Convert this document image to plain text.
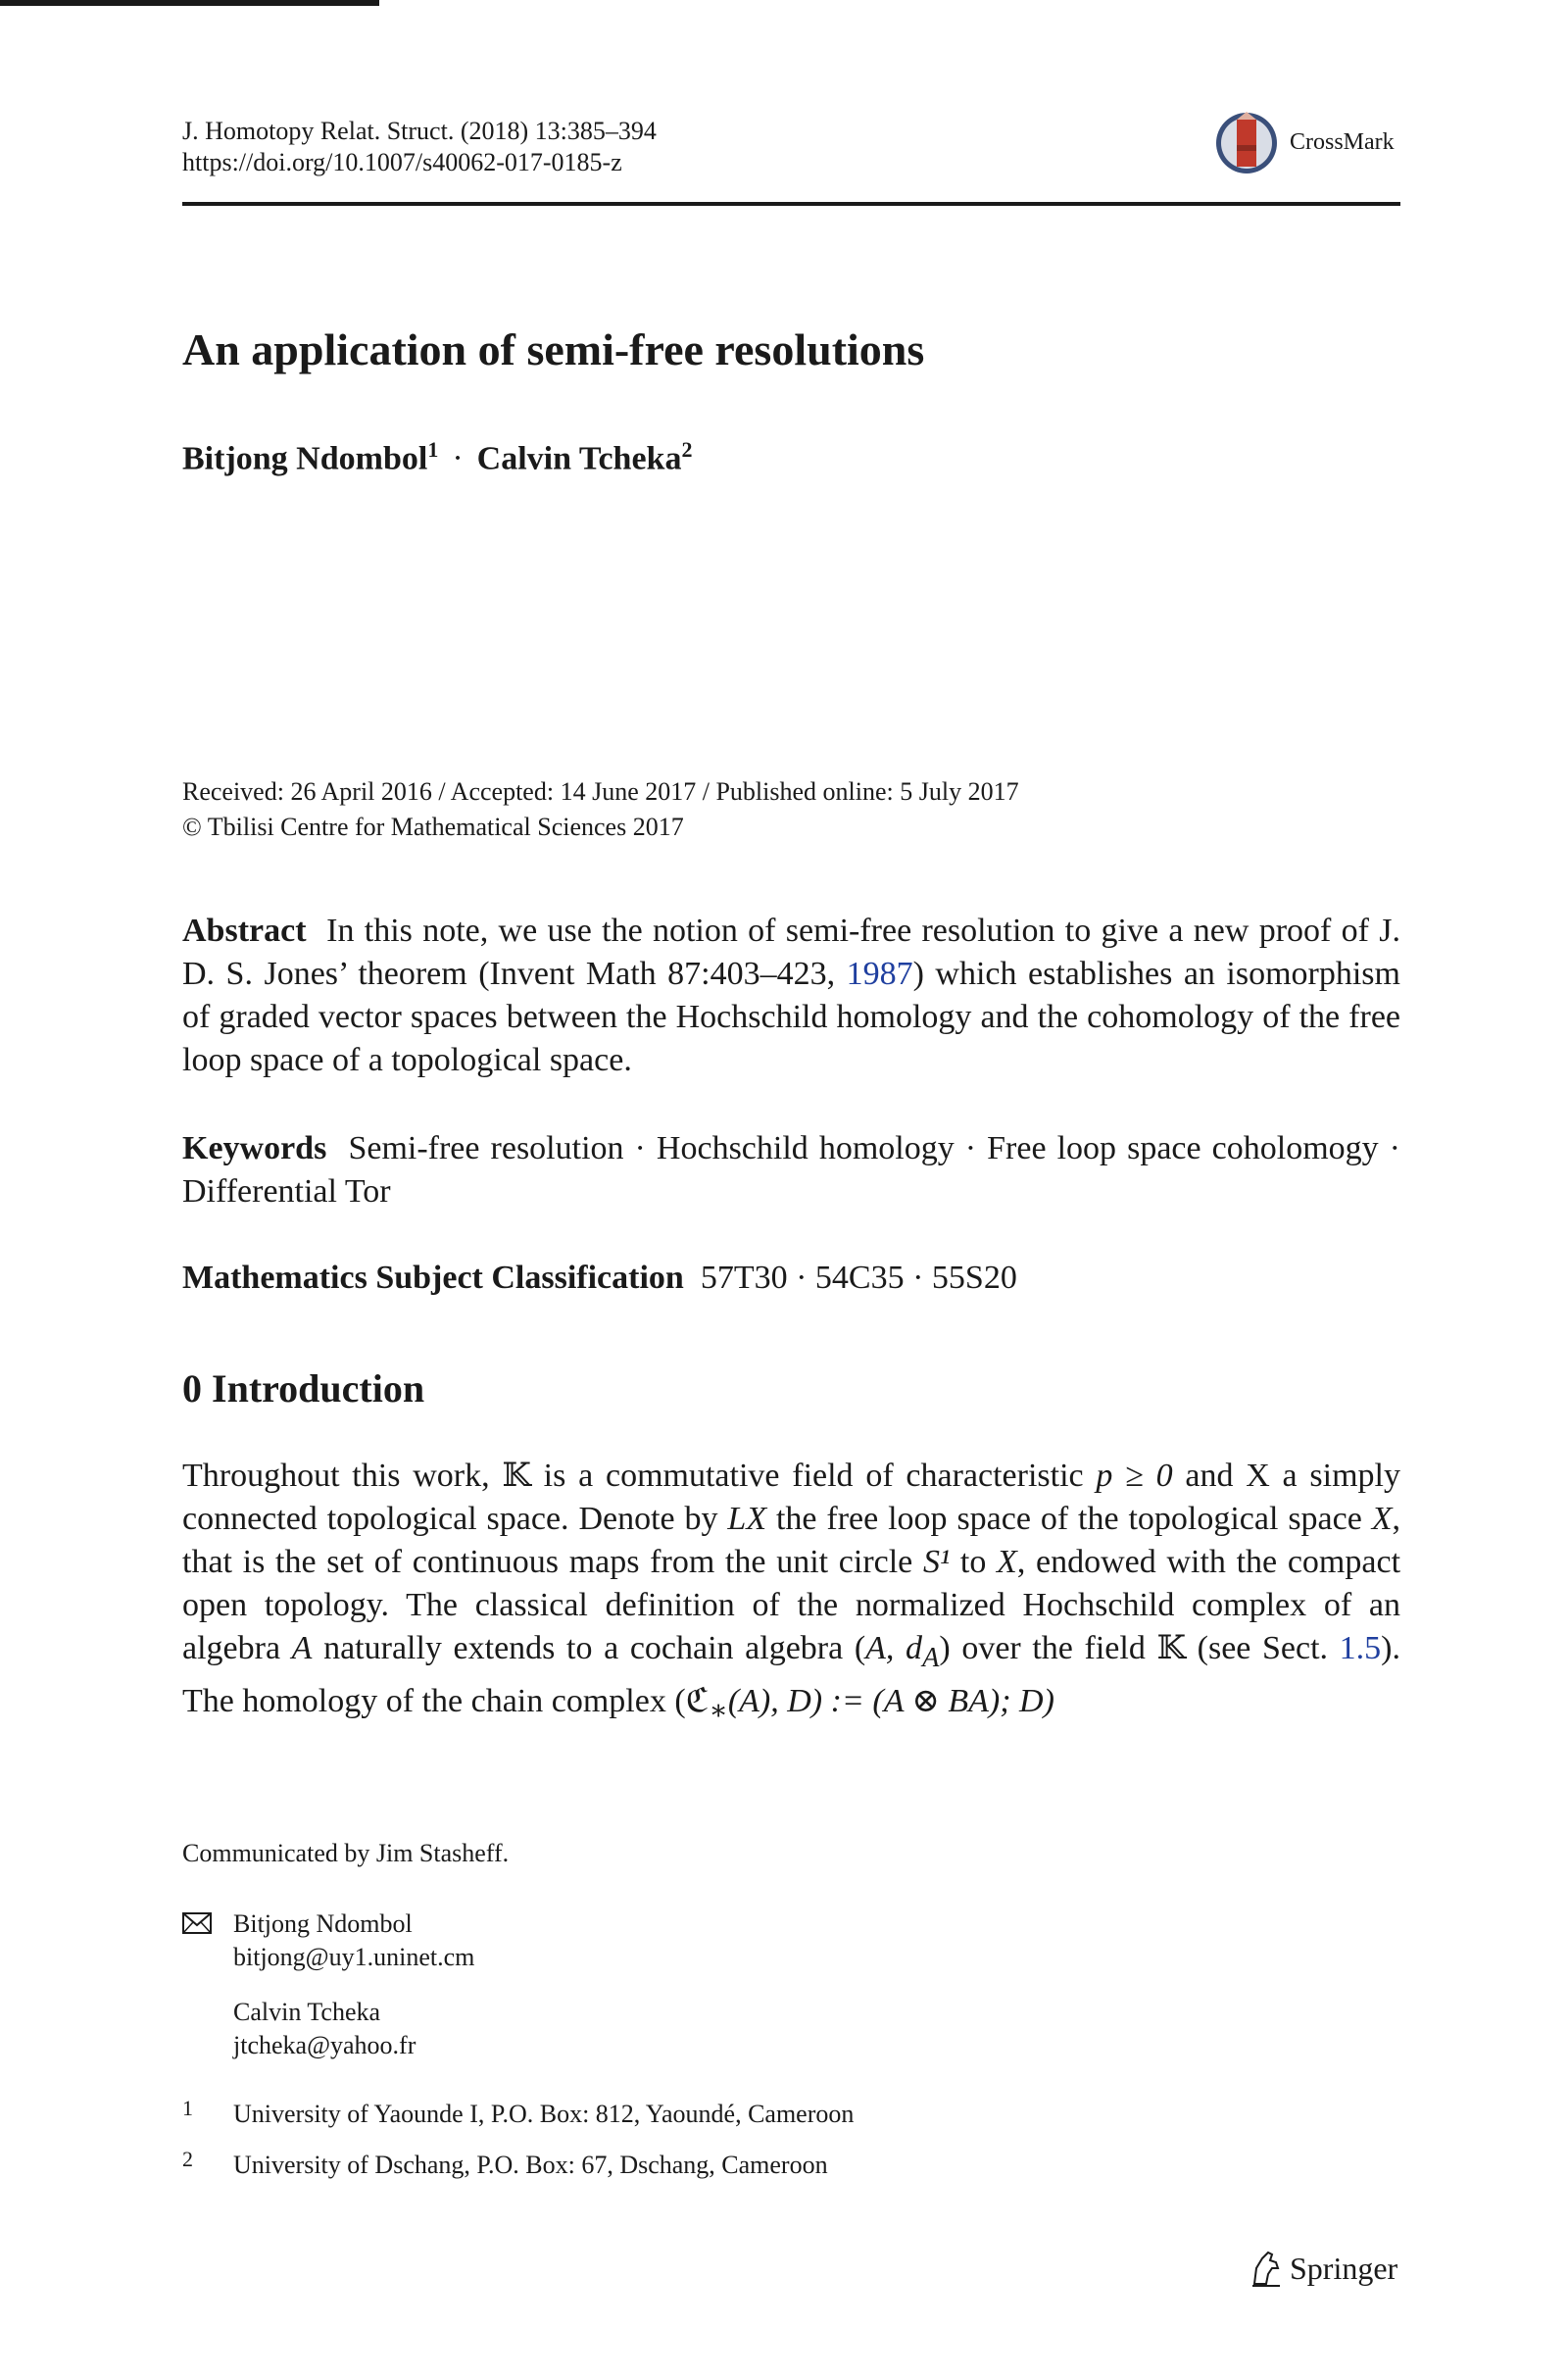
J. Homotopy Relat. Struct. (2018) 13:385–394
https://doi.org/10.1007/s40062-017-0185-z
CrossMark
An application of semi-free resolutions
Bitjong Ndombol$^1$ · Calvin Tcheka$^2$
Received: 26 April 2016 / Accepted: 14 June 2017 / Published online: 5 July 2017
© Tbilisi Centre for Mathematical Sciences 2017
Abstract In this note, we use the notion of semi-free resolution to give a new proof of J. D. S. Jones’ theorem (Invent Math 87:403–423, 1987) which establishes an isomorphism of graded vector spaces between the Hochschild homology and the cohomology of the free loop space of a topological space.
Keywords Semi-free resolution · Hochschild homology · Free loop space coholomogy · Differential Tor
Mathematics Subject Classification 57T30 · 54C35 · 55S20
0 Introduction
Throughout this work, 𝕂 is a commutative field of characteristic p ≥ 0 and X a simply connected topological space. Denote by LX the free loop space of the topological space X, that is the set of continuous maps from the unit circle S¹ to X, endowed with the compact open topology. The classical definition of the normalized Hochschild complex of an algebra A naturally extends to a cochain algebra (A, $d_A$) over the field 𝕂 (see Sect. 1.5). The homology of the chain complex (ℭ$_∗$(A), D) := (A ⊗ BA); D)
Communicated by Jim Stasheff.
Bitjong Ndombol
bitjong@uy1.uninet.cm
Calvin Tcheka
jtcheka@yahoo.fr
1 University of Yaounde I, P.O. Box: 812, Yaoundé, Cameroon
2 University of Dschang, P.O. Box: 67, Dschang, Cameroon
Springer
